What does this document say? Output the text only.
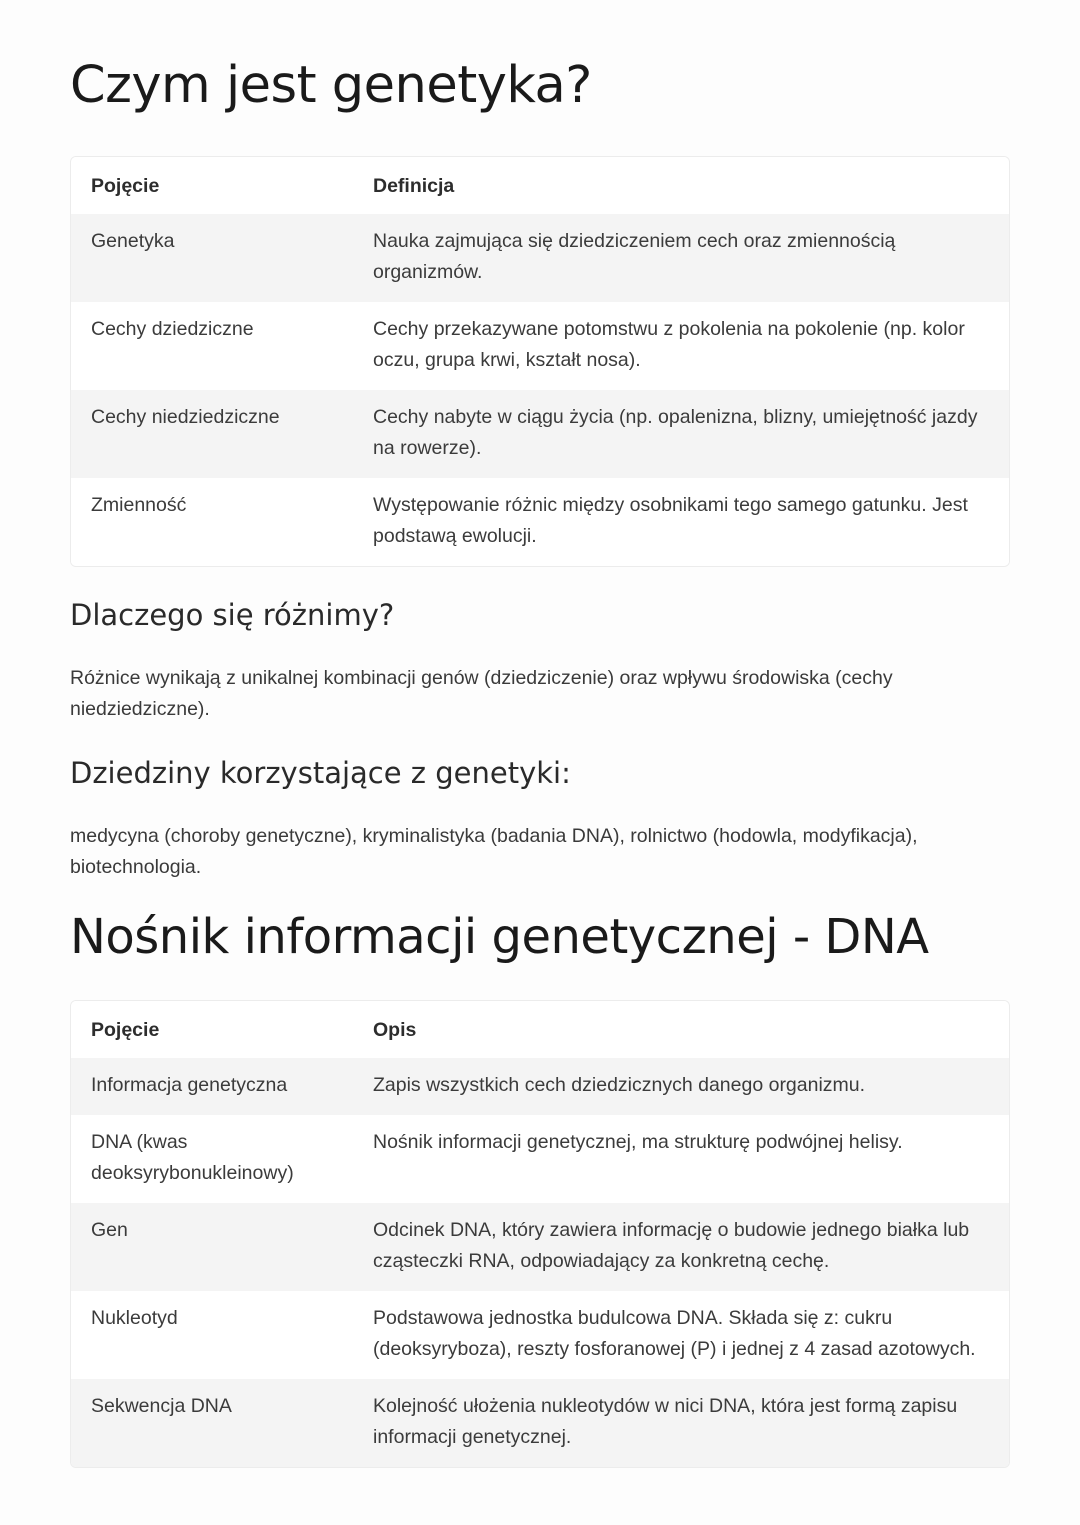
Czym jest genetyka?
Pojęcie	Definicja
Genetyka	Nauka zajmująca się dziedziczeniem cech oraz zmiennością organizmów.
Cechy dziedziczne	Cechy przekazywane potomstwu z pokolenia na pokolenie (np. kolor oczu, grupa krwi, kształt nosa).
Cechy niedziedziczne	Cechy nabyte w ciągu życia (np. opalenizna, blizny, umiejętność jazdy na rowerze).
Zmienność	Występowanie różnic między osobnikami tego samego gatunku. Jest podstawą ewolucji.
Dlaczego się różnimy?

Różnice wynikają z unikalnej kombinacji genów (dziedziczenie) oraz wpływu środowiska (cechy niedziedziczne).

Dziedziny korzystające z genetyki:

medycyna (choroby genetyczne), kryminalistyka (badania DNA), rolnictwo (hodowla, modyfikacja), biotechnologia.

Nośnik informacji genetycznej - DNA
Pojęcie	Opis
Informacja genetyczna	Zapis wszystkich cech dziedzicznych danego organizmu.
DNA (kwas deoksyrybonukleinowy)	Nośnik informacji genetycznej, ma strukturę podwójnej helisy.
Gen	Odcinek DNA, który zawiera informację o budowie jednego białka lub cząsteczki RNA, odpowiadający za konkretną cechę.
Nukleotyd	Podstawowa jednostka budulcowa DNA. Składa się z: cukru (deoksyryboza), reszty fosforanowej (P) i jednej z 4 zasad azotowych.
Sekwencja DNA	Kolejność ułożenia nukleotydów w nici DNA, która jest formą zapisu informacji genetycznej.
